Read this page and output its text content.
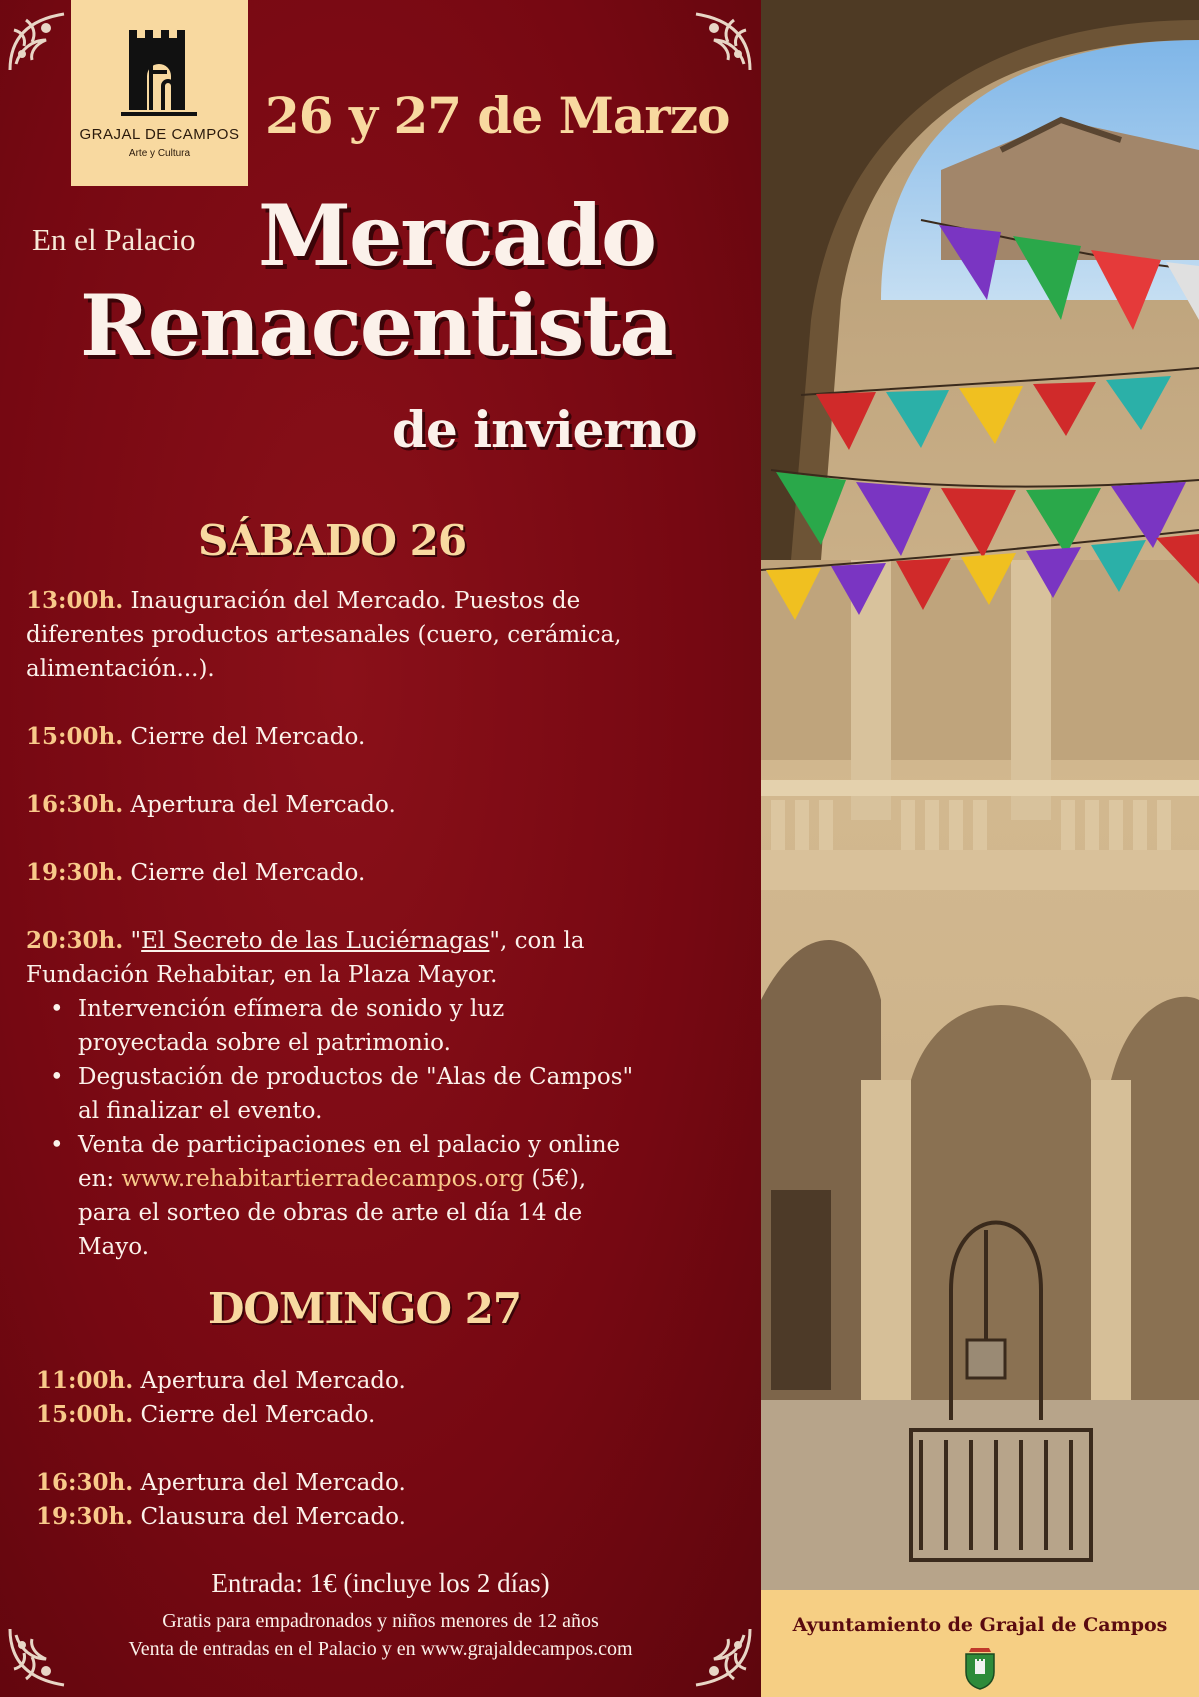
GRAJAL DE CAMPOS
Arte y Cultura
26 y 27 de Marzo
En el Palacio Mercado
Renacentista
de invierno
SÁBADO 26
13:00h. Inauguración del Mercado. Puestos de
diferentes productos artesanales (cuero, cerámica,
alimentación...).
15:00h. Cierre del Mercado.
16:30h. Apertura del Mercado.
19:30h. Cierre del Mercado.
20:30h. "El Secreto de las Luciérnagas", con la
Fundación Rehabitar, en la Plaza Mayor.
• Intervención efímera de sonido y luz
proyectada sobre el patrimonio.
• Degustación de productos de "Alas de Campos"
al finalizar el evento.
• Venta de participaciones en el palacio y online
en: www.rehabitartierradecampos.org (5€),
para el sorteo de obras de arte el día 14 de
Mayo.
DOMINGO 27
11:00h. Apertura del Mercado.
15:00h. Cierre del Mercado.
16:30h. Apertura del Mercado.
19:30h. Clausura del Mercado.
Entrada: 1€ (incluye los 2 días)
Gratis para empadronados y niños menores de 12 años
Venta de entradas en el Palacio y en www.grajaldecampos.com
Ayuntamiento de Grajal de Campos
